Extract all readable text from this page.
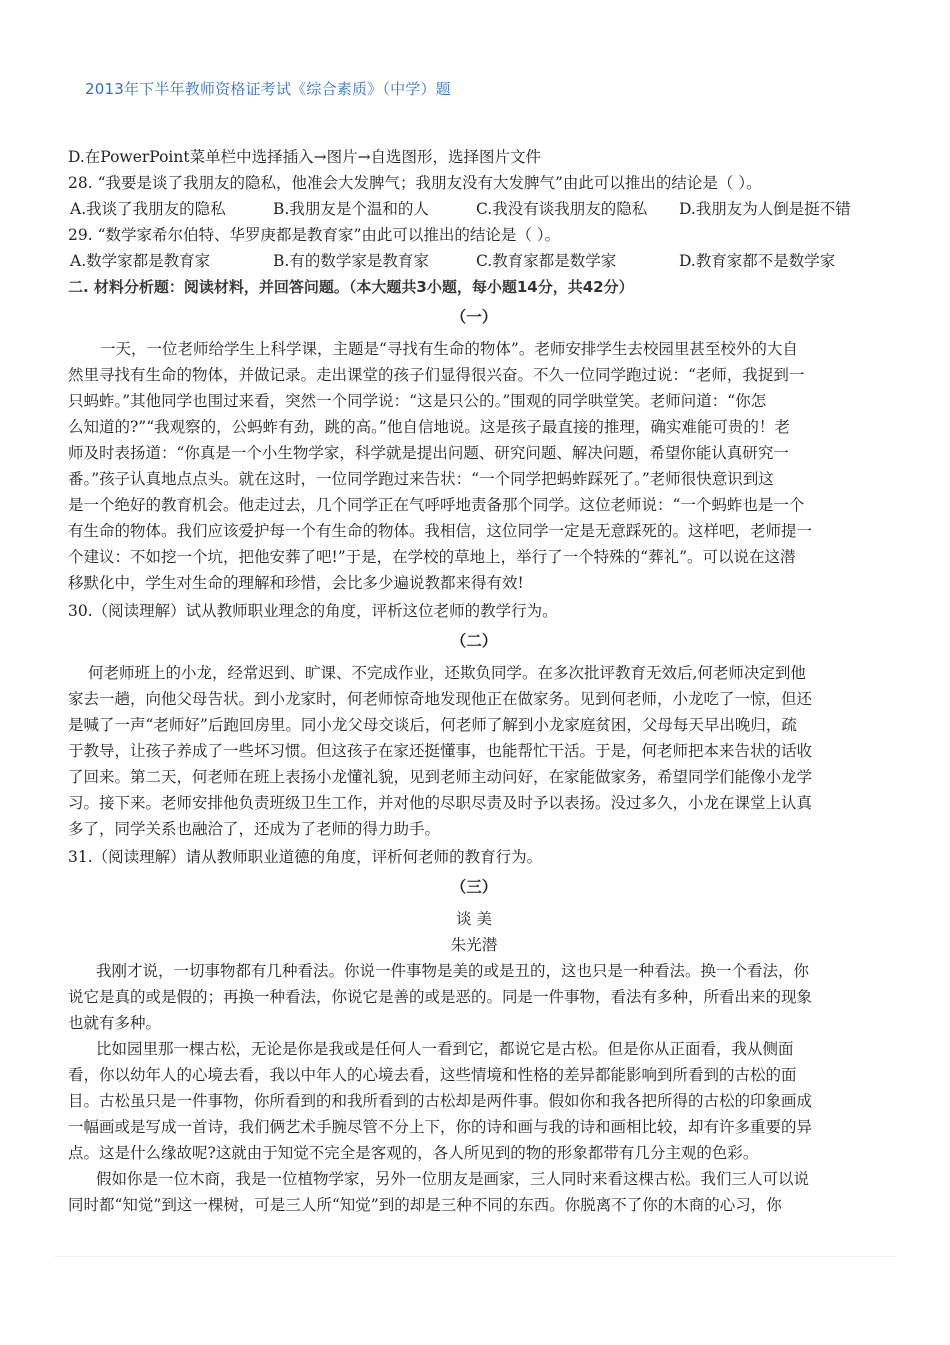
2013年下半年教师资格证考试《综合素质》（中学）题
D.在PowerPoint菜单栏中选择插入→图片→自选图形，选择图片文件
28. “我要是谈了我朋友的隐私，他准会大发脾气；我朋友没有大发脾气”由此可以推出的结论是（ ）。
A.我谈了我朋友的隐私	B.我朋友是个温和的人	C.我没有谈我朋友的隐私	D.我朋友为人倒是挺不错
29. “数学家希尔伯特、华罗庚都是教育家”由此可以推出的结论是（ ）。
A.数学家都是教育家	B.有的数学家是教育家	C.教育家都是数学家	D.教育家都不是数学家
二. 材料分析题：阅读材料，并回答问题。（本大题共3小题，每小题14分，共42分）
（一）
一天，一位老师给学生上科学课，主题是“寻找有生命的物体”。老师安排学生去校园里甚至校外的大自
然里寻找有生命的物体，并做记录。走出课堂的孩子们显得很兴奋。不久一位同学跑过说：“老师，我捉到一
只蚂蚱。”其他同学也围过来看，突然一个同学说：“这是只公的。”围观的同学哄堂笑。老师问道：“你怎
么知道的?”“我观察的，公蚂蚱有劲，跳的高。”他自信地说。这是孩子最直接的推理，确实难能可贵的！老
师及时表扬道：“你真是一个小生物学家，科学就是提出问题、研究问题、解决问题，希望你能认真研究一
番。”孩子认真地点点头。就在这时，一位同学跑过来告状：“一个同学把蚂蚱踩死了。”老师很快意识到这
是一个绝好的教育机会。他走过去，几个同学正在气呼呼地责备那个同学。这位老师说：“一个蚂蚱也是一个
有生命的物体。我们应该爱护每一个有生命的物体。我相信，这位同学一定是无意踩死的。这样吧，老师提一
个建议：不如挖一个坑，把他安葬了吧!”于是，在学校的草地上，举行了一个特殊的“葬礼”。可以说在这潜
移默化中，学生对生命的理解和珍惜，会比多少遍说教都来得有效!
30.（阅读理解）试从教师职业理念的角度，评析这位老师的教学行为。
（二）
何老师班上的小龙，经常迟到、旷课、不完成作业，还欺负同学。在多次批评教育无效后,何老师决定到他
家去一趟，向他父母告状。到小龙家时，何老师惊奇地发现他正在做家务。见到何老师，小龙吃了一惊，但还
是喊了一声“老师好”后跑回房里。同小龙父母交谈后，何老师了解到小龙家庭贫困，父母每天早出晚归，疏
于教导，让孩子养成了一些坏习惯。但这孩子在家还挺懂事，也能帮忙干活。于是，何老师把本来告状的话收
了回来。第二天，何老师在班上表扬小龙懂礼貌，见到老师主动问好，在家能做家务，希望同学们能像小龙学
习。接下来。老师安排他负责班级卫生工作，并对他的尽职尽责及时予以表扬。没过多久，小龙在课堂上认真
多了，同学关系也融洽了，还成为了老师的得力助手。
31.（阅读理解）请从教师职业道德的角度，评析何老师的教育行为。
（三）
谈 美
朱光潜
我刚才说，一切事物都有几种看法。你说一件事物是美的或是丑的，这也只是一种看法。换一个看法，你
说它是真的或是假的；再换一种看法，你说它是善的或是恶的。同是一件事物，看法有多种，所看出来的现象
也就有多种。
比如园里那一棵古松，无论是你是我或是任何人一看到它，都说它是古松。但是你从正面看，我从侧面
看，你以幼年人的心境去看，我以中年人的心境去看，这些情境和性格的差异都能影响到所看到的古松的面
目。古松虽只是一件事物，你所看到的和我所看到的古松却是两件事。假如你和我各把所得的古松的印象画成
一幅画或是写成一首诗，我们俩艺术手腕尽管不分上下，你的诗和画与我的诗和画相比较，却有许多重要的异
点。这是什么缘故呢?这就由于知觉不完全是客观的，各人所见到的物的形象都带有几分主观的色彩。
假如你是一位木商，我是一位植物学家，另外一位朋友是画家，三人同时来看这棵古松。我们三人可以说
同时都“知觉”到这一棵树，可是三人所“知觉”到的却是三种不同的东西。你脱离不了你的木商的心习，你
